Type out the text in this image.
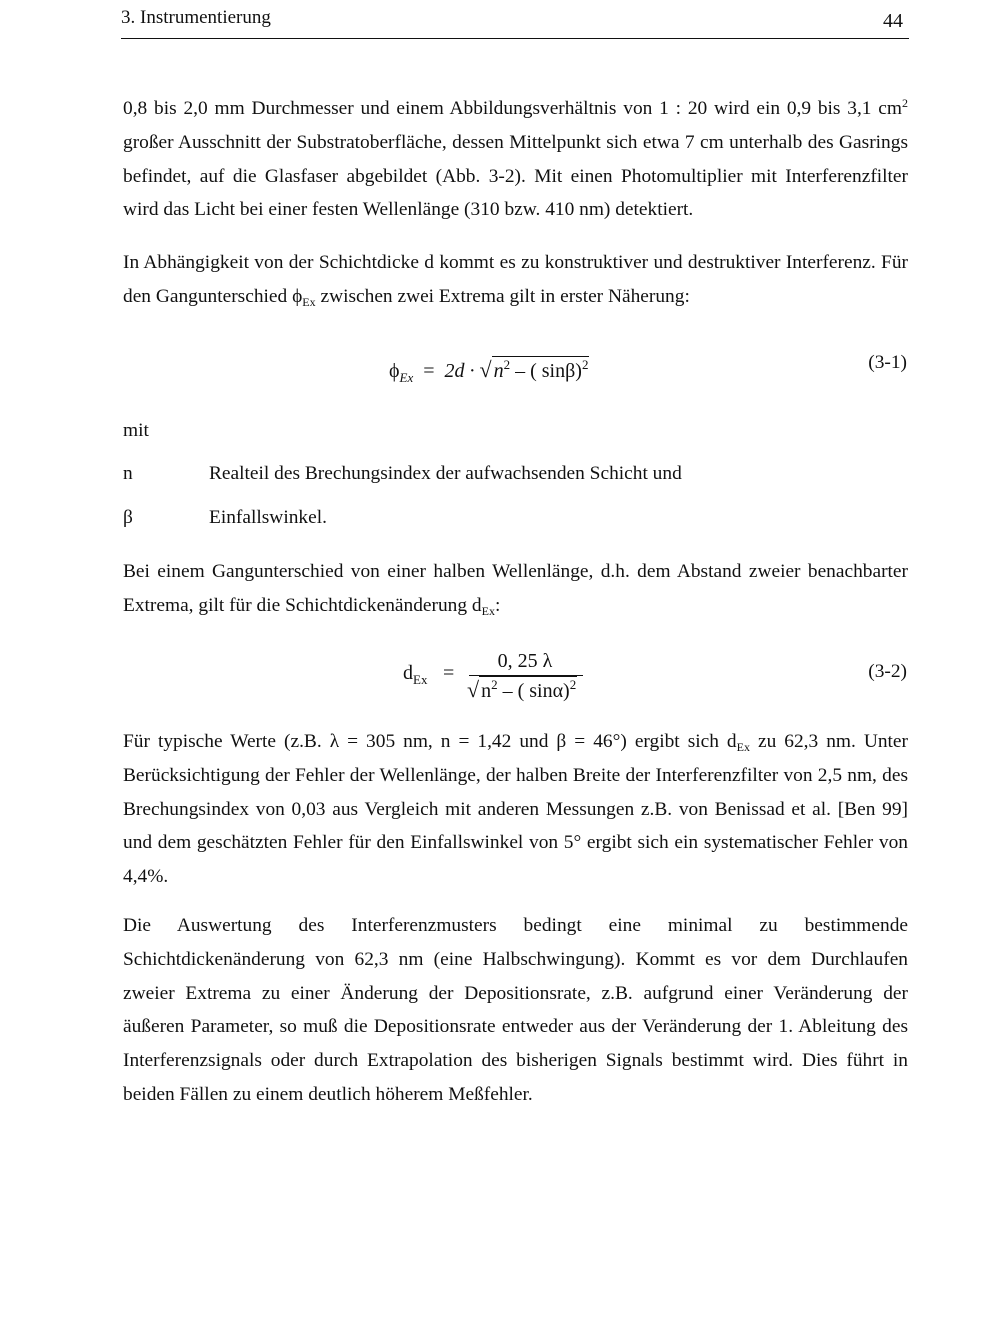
3. Instrumentierung	44

0,8 bis 2,0 mm Durchmesser und einem Abbildungsverhältnis von 1 : 20 wird ein 0,9 bis 3,1 $cm^2$ großer Ausschnitt der Substratoberfläche, dessen Mittelpunkt sich etwa 7 cm unterhalb des Gasrings befindet, auf die Glasfaser abgebildet (Abb. 3-2). Mit einen Photomultiplier mit Interferenzfilter wird das Licht bei einer festen Wellenlänge (310 bzw. 410 nm) detektiert.

In Abhängigkeit von der Schichtdicke d kommt es zu konstruktiver und destruktiver Interferenz. Für den Gangunterschied $\phi_{Ex}$ zwischen zwei Extrema gilt in erster Näherung:

$\phi_{Ex} = 2d$ · √ $n^2$ – ( sinβ)$^2$	(3-1)
mit
n	Realteil des Brechungsindex der aufwachsenden Schicht und
β	Einfallswinkel.

Bei einem Gangunterschied von einer halben Wellenlänge, d.h. dem Abstand zweier benachbarter Extrema, gilt für die Schichtdickenänderung $d_{Ex}$:

$d_{Ex}$ =
0, 25 λ
√ $n^2$ – ( sinα)$^2$
(3-2)

Für typische Werte (z.B. λ = 305 nm, n = 1,42 und β = 46°) ergibt sich $d_{Ex}$ zu 62,3 nm. Unter Berücksichtigung der Fehler der Wellenlänge, der halben Breite der Interferenzfilter von 2,5 nm, des Brechungsindex von 0,03 aus Vergleich mit anderen Messungen z.B. von Benissad et al. [Ben 99] und dem geschätzten Fehler für den Einfallswinkel von 5° ergibt sich ein systematischer Fehler von 4,4%.

Die Auswertung des Interferenzmusters bedingt eine minimal zu bestimmende Schichtdickenänderung von 62,3 nm (eine Halbschwingung). Kommt es vor dem Durchlaufen zweier Extrema zu einer Änderung der Depositionsrate, z.B. aufgrund einer Veränderung der äußeren Parameter, so muß die Depositionsrate entweder aus der Veränderung der 1. Ableitung des Interferenzsignals oder durch Extrapolation des bisherigen Signals bestimmt wird. Dies führt in beiden Fällen zu einem deutlich höherem Meßfehler.
